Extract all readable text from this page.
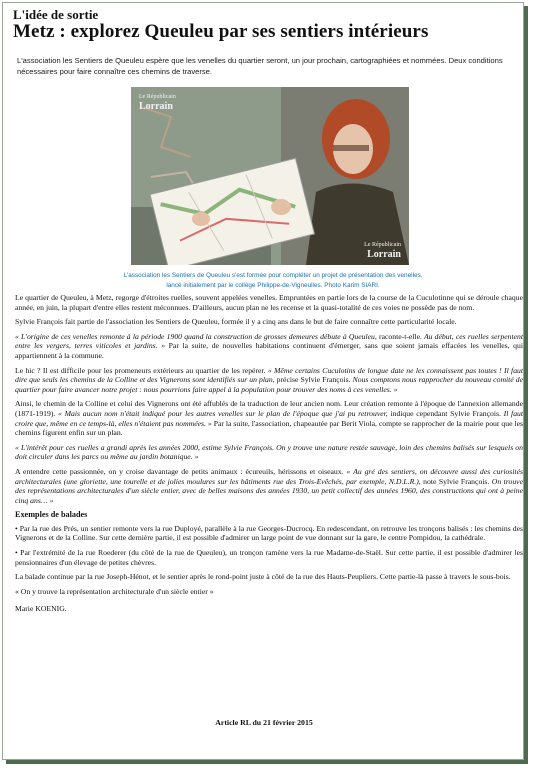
L'idée de sortie
Metz : explorez Queuleu par ses sentiers intérieurs
L'association les Sentiers de Queuleu espère que les venelles du quartier seront, un jour prochain, cartographiées et nommées. Deux conditions nécessaires pour faire connaître ces chemins de traverse.
Le Républicain
Lorrain
Le Républicain
Lorrain
L'association les Sentiers de Queuleu s'est formée pour compléter un projet de présentation des venelles,
lancé initialement par le collège Philippe-de-Vigneulles. Photo Karim SIARI.

Le quartier de Queuleu, à Metz, regorge d'étroites ruelles, souvent appelées venelles. Empruntées en partie lors de la course de la Cuculotinne qui se déroule chaque année, en juin, la plupart d'entre elles restent méconnues. D'ailleurs, aucun plan ne les recense et la quasi-totalité de ces voies ne possède pas de nom.

Sylvie François fait partie de l'association les Sentiers de Queuleu, formée il y a cinq ans dans le but de faire connaître cette particularité locale.

« L'origine de ces venelles remonte à la période 1900 quand la construction de grosses demeures débute à Queuleu, raconte-t-elle. Au début, ces ruelles serpentent entre les vergers, terres viticoles et jardins. » Par la suite, de nouvelles habitations continuent d'émerger, sans que soient jamais effacées les venelles, qui appartiennent à la commune.

Le hic ? Il est difficile pour les promeneurs extérieurs au quartier de les repérer. « Même certains Cuculotins de longue date ne les connaissent pas toutes ! Il faut dire que seuls les chemins de la Colline et des Vignerons sont identifiés sur un plan, précise Sylvie François. Nous comptons nous rapprocher du nouveau comité de quartier pour faire avancer notre projet : nous pourrions faire appel à la population pour trouver des noms à ces venelles. »

Ainsi, le chemin de la Colline et celui des Vignerons ont été affublés de la traduction de leur ancien nom. Leur création remonte à l'époque de l'annexion allemande (1871-1919). « Mais aucun nom n'était indiqué pour les autres venelles sur le plan de l'époque que j'ai pu retrouver, indique cependant Sylvie François. Il faut croire que, même en ce temps-là, elles n'étaient pas nommées. » Par la suite, l'association, chapeautée par Berit Viola, compte se rapprocher de la mairie pour que les chemins figurent enfin sur un plan.

« L'intérêt pour ces ruelles a grandi après les années 2000, estime Sylvie François. On y trouve une nature restée sauvage, loin des chemins balisés sur lesquels on doit circuler dans les parcs ou même au jardin botanique. »

A entendre cette passionnée, on y croise davantage de petits animaux : écureuils, hérissons et oiseaux. « Au gré des sentiers, on découvre aussi des curiosités architecturales (une gloriette, une tourelle et de jolies moulures sur les bâtiments rue des Trois-Evêchés, par exemple, N.D.L.R.), note Sylvie François. On trouve des représentations architecturales d'un siècle entier, avec de belles maisons des années 1930, un petit collectif des années 1960, des constructions qui ont à peine cinq ans… »

Exemples de balades

• Par la rue des Prés, un sentier remonte vers la rue Duployé, parallèle à la rue Georges-Ducrocq. En redescendant, on retrouve les tronçons balisés : les chemins des Vignerons et de la Colline. Sur cette dernière partie, il est possible d'admirer un large point de vue donnant sur la gare, le centre Pompidou, la cathédrale.

• Par l'extrémité de la rue Roederer (du côté de la rue de Queuleu), un tronçon ramène vers la rue Madame-de-Staël. Sur cette partie, il est possible d'admirer les pensionnaires d'un élevage de petites chèvres.

La balade continue par la rue Joseph-Hénot, et le sentier après le rond-point juste à côté de la rue des Hauts-Peupliers. Cette partie-là passe à travers le sous-bois.

« On y trouve la représentation architecturale d'un siècle entier »

Marie KOENIG.

Article RL du 21 février 2015
